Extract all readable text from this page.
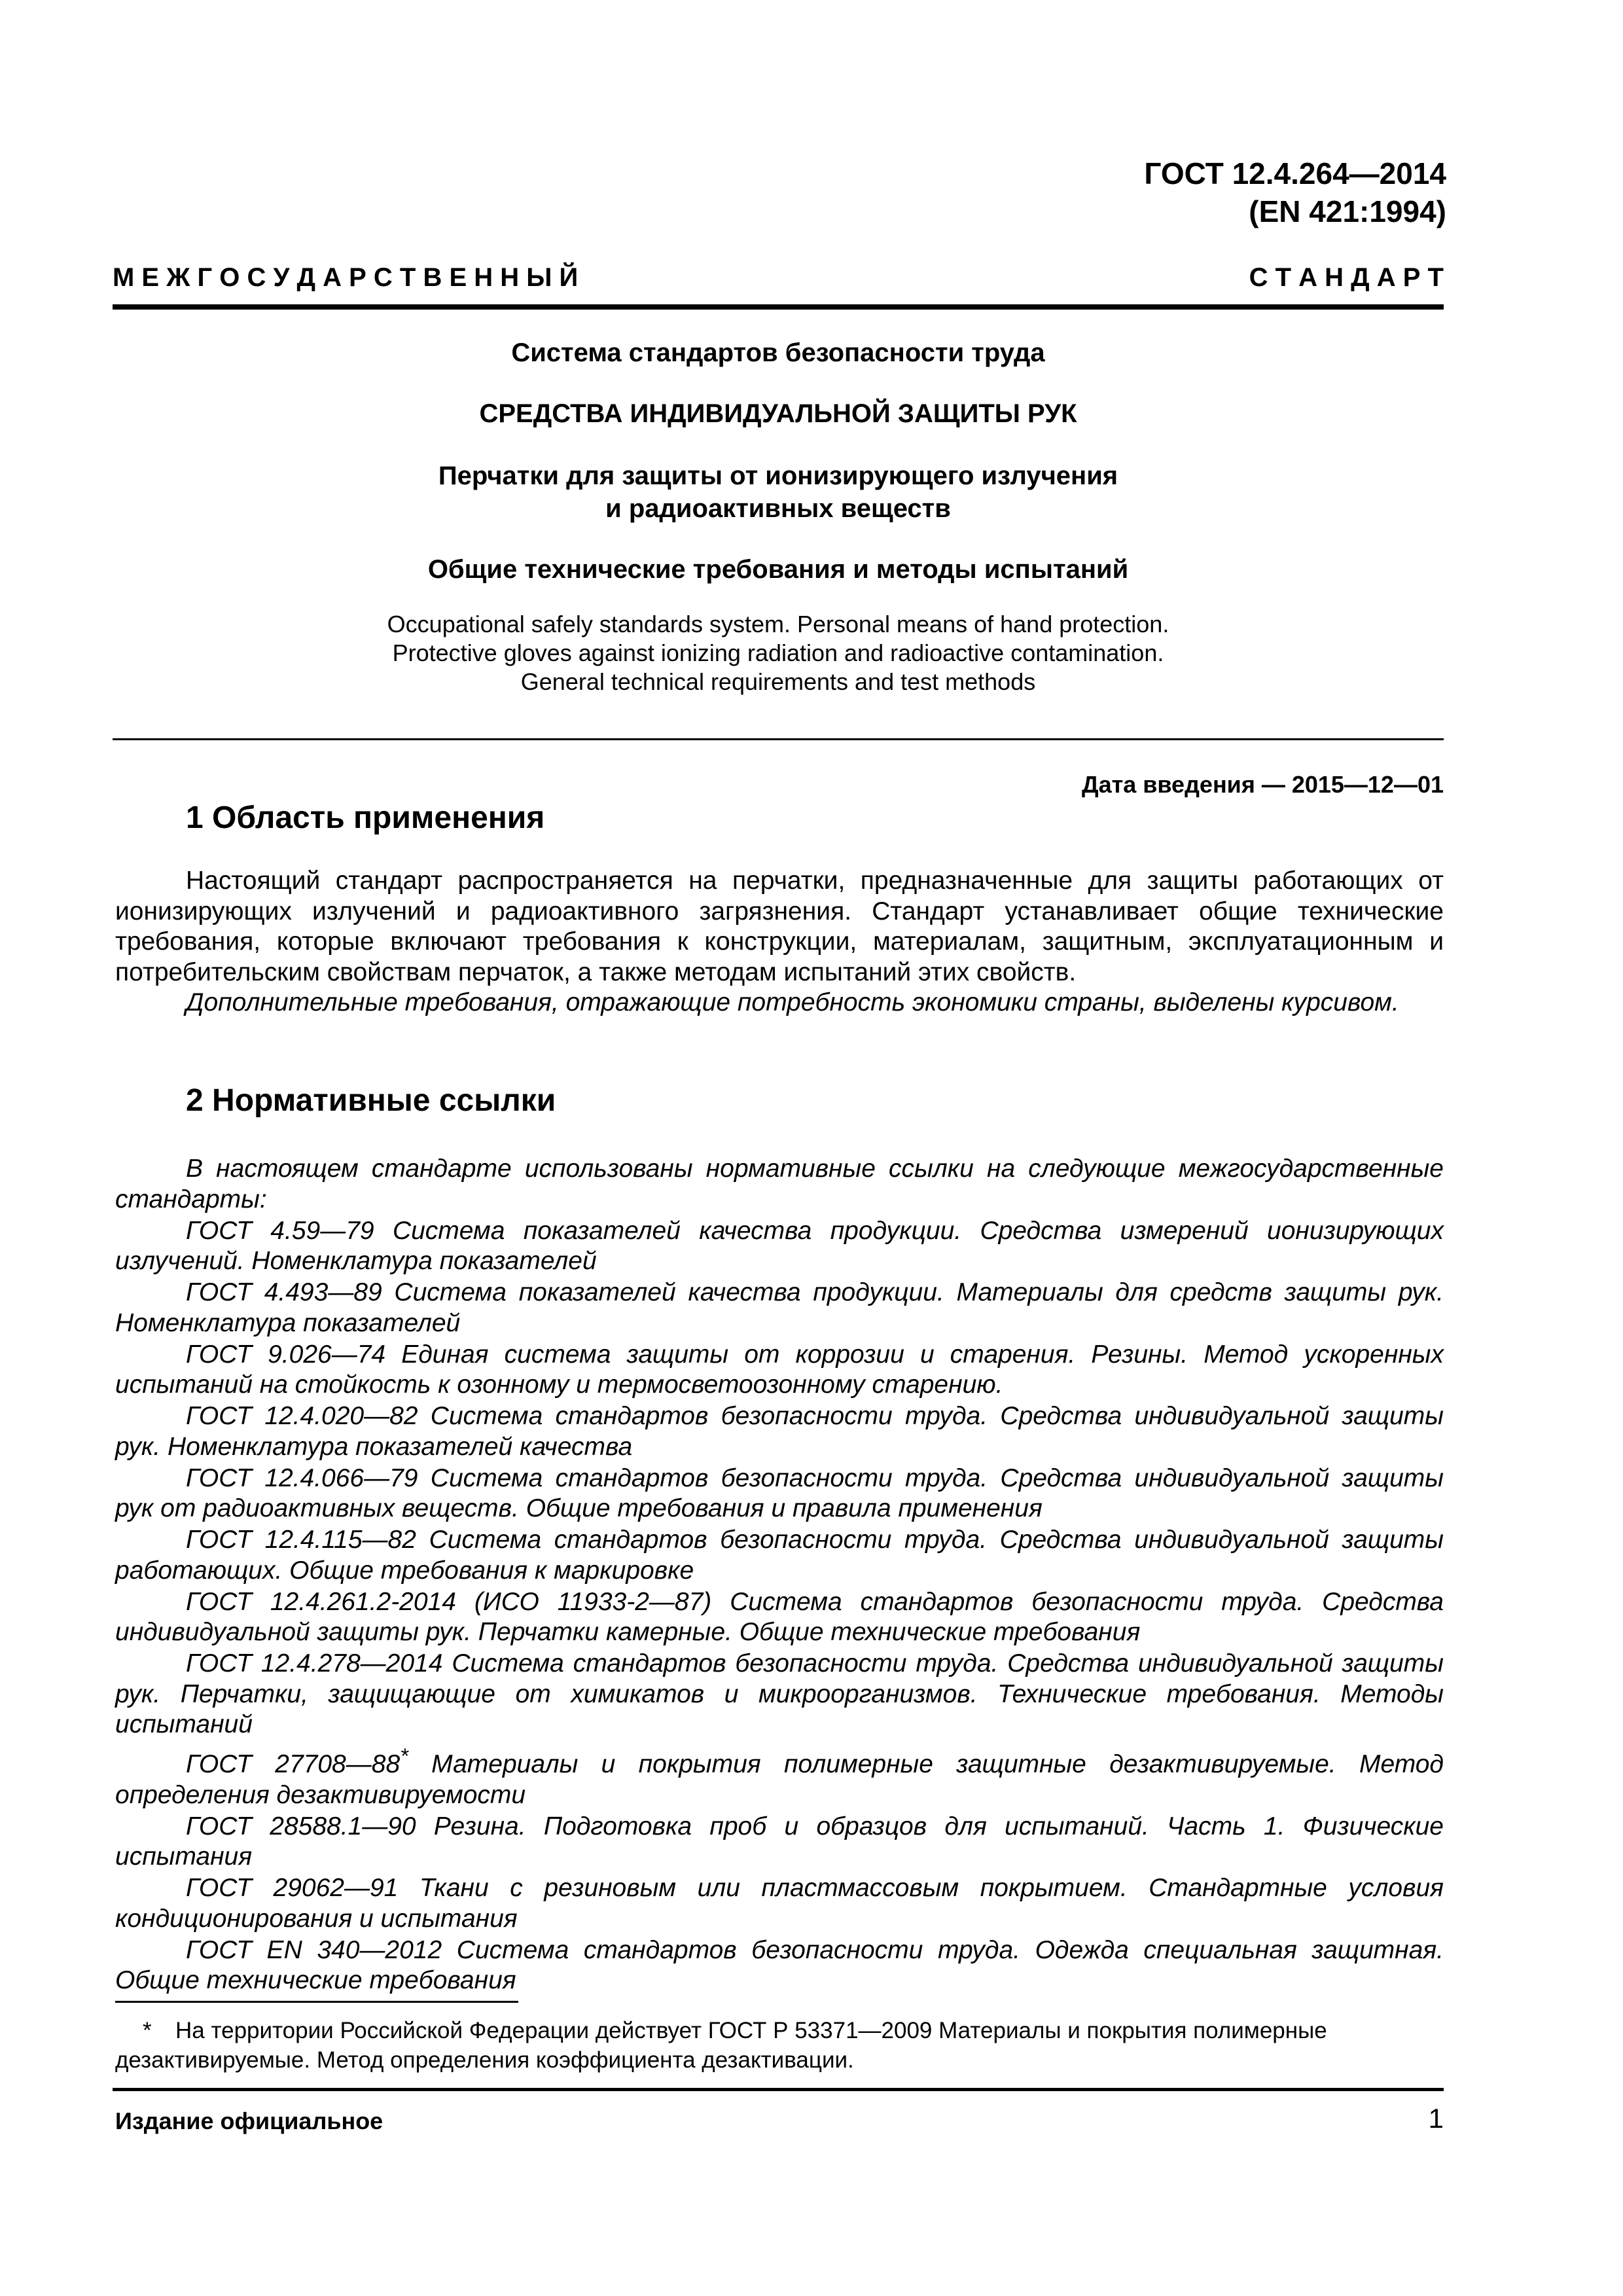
ГОСТ 12.4.264—2014
(EN 421:1994)
М Е Ж Г О С У Д А Р С Т В Е Н Н Ы Й	С Т А Н Д А Р Т

Система стандартов безопасности труда

СРЕДСТВА ИНДИВИДУАЛЬНОЙ ЗАЩИТЫ РУК

Перчатки для защиты от ионизирующего излучения

и радиоактивных веществ

Общие технические требования и методы испытаний

Occupational safely standards system. Personal means of hand protection.

Protective gloves against ionizing radiation and radioactive contamination.

General technical requirements and test methods

Дата введения — 2015—12—01
1 Область применения

Настоящий стандарт распространяется на перчатки, предназначенные для защиты работающих от ионизирующих излучений и радиоактивного загрязнения. Стандарт устанавливает общие технические требования, которые включают требования к конструкции, материалам, защитным, эксплуатационным и потребительским свойствам перчаток, а также методам испытаний этих свойств.

Дополнительные требования, отражающие потребность экономики страны, выделены курсивом.

2 Нормативные ссылки

В настоящем стандарте использованы нормативные ссылки на следующие межгосударственные стандарты:

ГОСТ 4.59—79 Система показателей качества продукции. Средства измерений ионизирующих излучений. Номенклатура показателей

ГОСТ 4.493—89 Система показателей качества продукции. Материалы для средств защиты рук. Номенклатура показателей

ГОСТ 9.026—74 Единая система защиты от коррозии и старения. Резины. Метод ускоренных испытаний на стойкость к озонному и термосветоозонному старению.

ГОСТ 12.4.020—82 Система стандартов безопасности труда. Средства индивидуальной защиты рук. Номенклатура показателей качества

ГОСТ 12.4.066—79 Система стандартов безопасности труда. Средства индивидуальной защиты рук от радиоактивных веществ. Общие требования и правила применения

ГОСТ 12.4.115—82 Система стандартов безопасности труда. Средства индивидуальной защиты работающих. Общие требования к маркировке

ГОСТ 12.4.261.2-2014 (ИСО 11933-2—87) Система стандартов безопасности труда. Средства индивидуальной защиты рук. Перчатки камерные. Общие технические требования

ГОСТ 12.4.278—2014 Система стандартов безопасности труда. Средства индивидуальной защиты рук. Перчатки, защищающие от химикатов и микроорганизмов. Технические требования. Методы испытаний

ГОСТ 27708—88* Материалы и покрытия полимерные защитные дезактивируемые. Метод определения дезактивируемости

ГОСТ 28588.1—90 Резина. Подготовка проб и образцов для испытаний. Часть 1. Физические испытания

ГОСТ 29062—91 Ткани с резиновым или пластмассовым покрытием. Стандартные условия кондиционирования и испытания

ГОСТ EN 340—2012 Система стандартов безопасности труда. Одежда специальная защитная. Общие технические требования

* На территории Российской Федерации действует ГОСТ Р 53371—2009 Материалы и покрытия полимерные дезактивируемые. Метод определения коэффициента дезактивации.
Издание официальное	1
